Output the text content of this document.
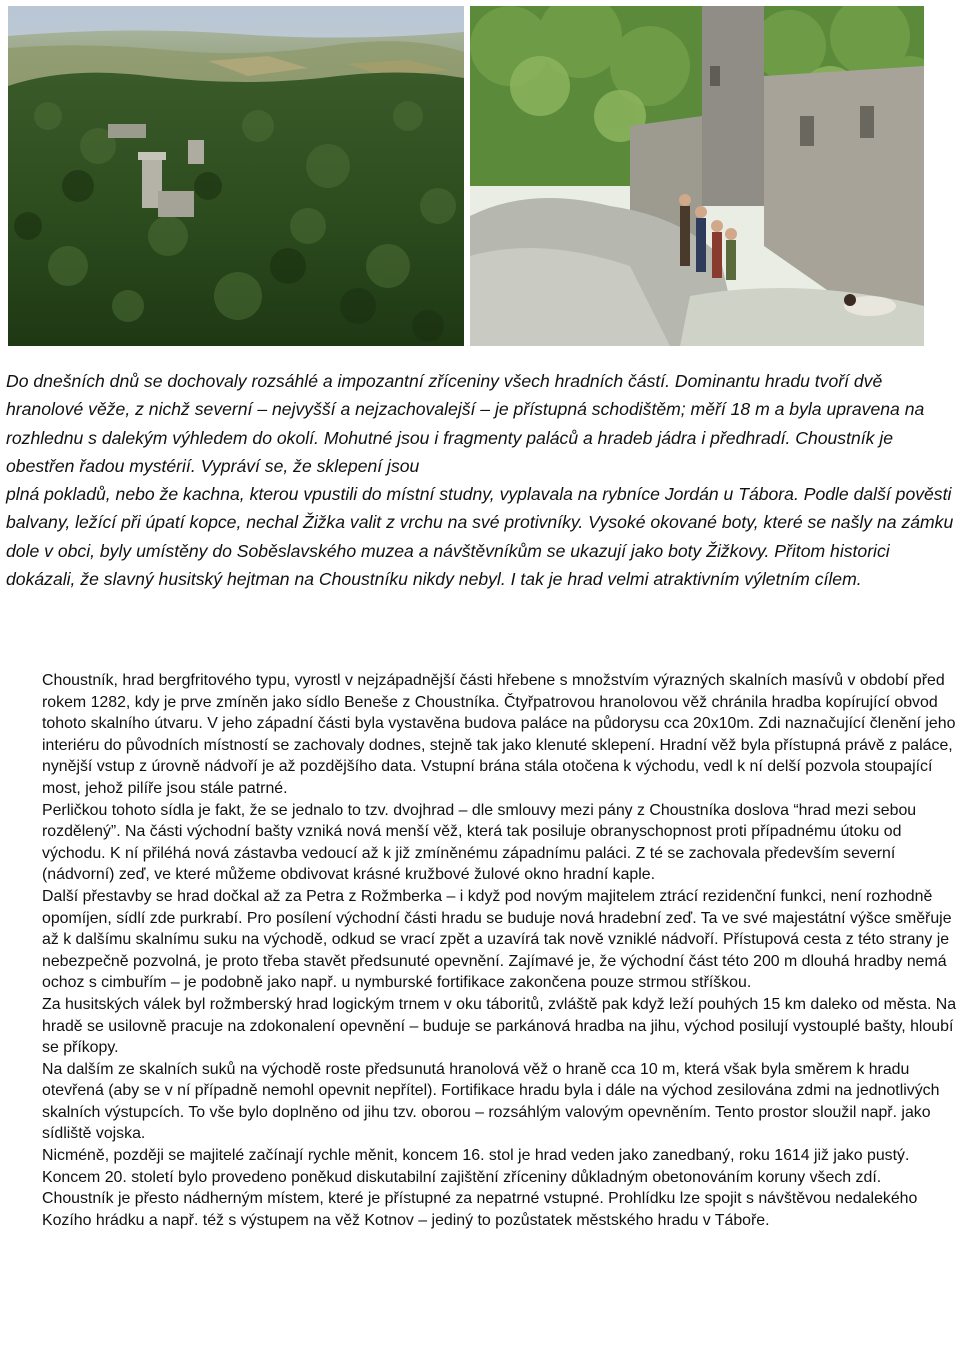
Do dnešních dnů se dochovaly rozsáhlé a impozantní zříceniny všech hradních částí. Dominantu hradu tvoří dvě hranolové věže, z nichž severní – nejvyšší a nejzachovalejší – je přístupná schodištěm; měří 18 m a byla upravena na rozhlednu s dalekým výhledem do okolí. Mohutné jsou i fragmenty paláců a hradeb jádra i předhradí. Choustník je obestřen řadou mystérií. Vypráví se, že sklepení jsou

plná pokladů, nebo že kachna, kterou vpustili do místní studny, vyplavala na rybníce Jordán u Tábora. Podle další pověsti balvany, ležící při úpatí kopce, nechal Žižka valit z vrchu na své protivníky. Vysoké okované boty, které se našly na zámku dole v obci, byly umístěny do Soběslavského muzea a návštěvníkům se ukazují jako boty Žižkovy. Přitom historici dokázali, že slavný husitský hejtman na Choustníku nikdy nebyl. I tak je hrad velmi atraktivním výletním cílem.

Choustník, hrad bergfritového typu, vyrostl v nejzápadnější části hřebene s množstvím výrazných skalních masívů v období před rokem 1282, kdy je prve zmíněn jako sídlo Beneše z Choustníka. Čtyřpatrovou hranolovou věž chránila hradba kopírující obvod tohoto skalního útvaru. V jeho západní části byla vystavěna budova paláce na půdorysu cca 20x10m. Zdi naznačující členění jeho interiéru do původních místností se zachovaly dodnes, stejně tak jako klenuté sklepení. Hradní věž byla přístupná právě z paláce, nynější vstup z úrovně nádvoří je až pozdějšího data. Vstupní brána stála otočena k východu, vedl k ní delší pozvola stoupající most, jehož pilíře jsou stále patrné.

Perličkou tohoto sídla je fakt, že se jednalo to tzv. dvojhrad – dle smlouvy mezi pány z Choustníka doslova “hrad mezi sebou rozdělený”. Na části východní bašty vzniká nová menší věž, která tak posiluje obranyschopnost proti případnému útoku od východu. K ní přiléhá nová zástavba vedoucí až k již zmíněnému západnímu paláci. Z té se zachovala především severní (nádvorní) zeď, ve které můžeme obdivovat krásné kružbové žulové okno hradní kaple.

Další přestavby se hrad dočkal až za Petra z Rožmberka – i když pod novým majitelem ztrácí rezidenční funkci, není rozhodně opomíjen, sídlí zde purkrabí. Pro posílení východní části hradu se buduje nová hradební zeď. Ta ve své majestátní výšce směřuje až k dalšímu skalnímu suku na východě, odkud se vrací zpět a uzavírá tak nově vzniklé nádvoří. Přístupová cesta z této strany je nebezpečně pozvolná, je proto třeba stavět předsunuté opevnění. Zajímavé je, že východní část této 200 m dlouhá hradby nemá ochoz s cimbuřím – je podobně jako např. u nymburské fortifikace zakončena pouze strmou stříškou.

Za husitských válek byl rožmberský hrad logickým trnem v oku táboritů, zvláště pak když leží pouhých 15 km daleko od města. Na hradě se usilovně pracuje na zdokonalení opevnění – buduje se parkánová hradba na jihu, východ posilují vystouplé bašty, hloubí se příkopy.

Na dalším ze skalních suků na východě roste předsunutá hranolová věž o hraně cca 10 m, která však byla směrem k hradu otevřená (aby se v ní případně nemohl opevnit nepřítel). Fortifikace hradu byla i dále na východ zesilována zdmi na jednotlivých skalních výstupcích. To vše bylo doplněno od jihu tzv. oborou – rozsáhlým valovým opevněním. Tento prostor sloužil např. jako sídliště vojska.

Nicméně, později se majitelé začínají rychle měnit, koncem 16. stol je hrad veden jako zanedbaný, roku 1614 již jako pustý. Koncem 20. století bylo provedeno poněkud diskutabilní zajištění zříceniny důkladným obetonováním koruny všech zdí.

Choustník je přesto nádherným místem, které je přístupné za nepatrné vstupné. Prohlídku lze spojit s návštěvou nedalekého Kozího hrádku a např. též s výstupem na věž Kotnov – jediný to pozůstatek městského hradu v Táboře.
